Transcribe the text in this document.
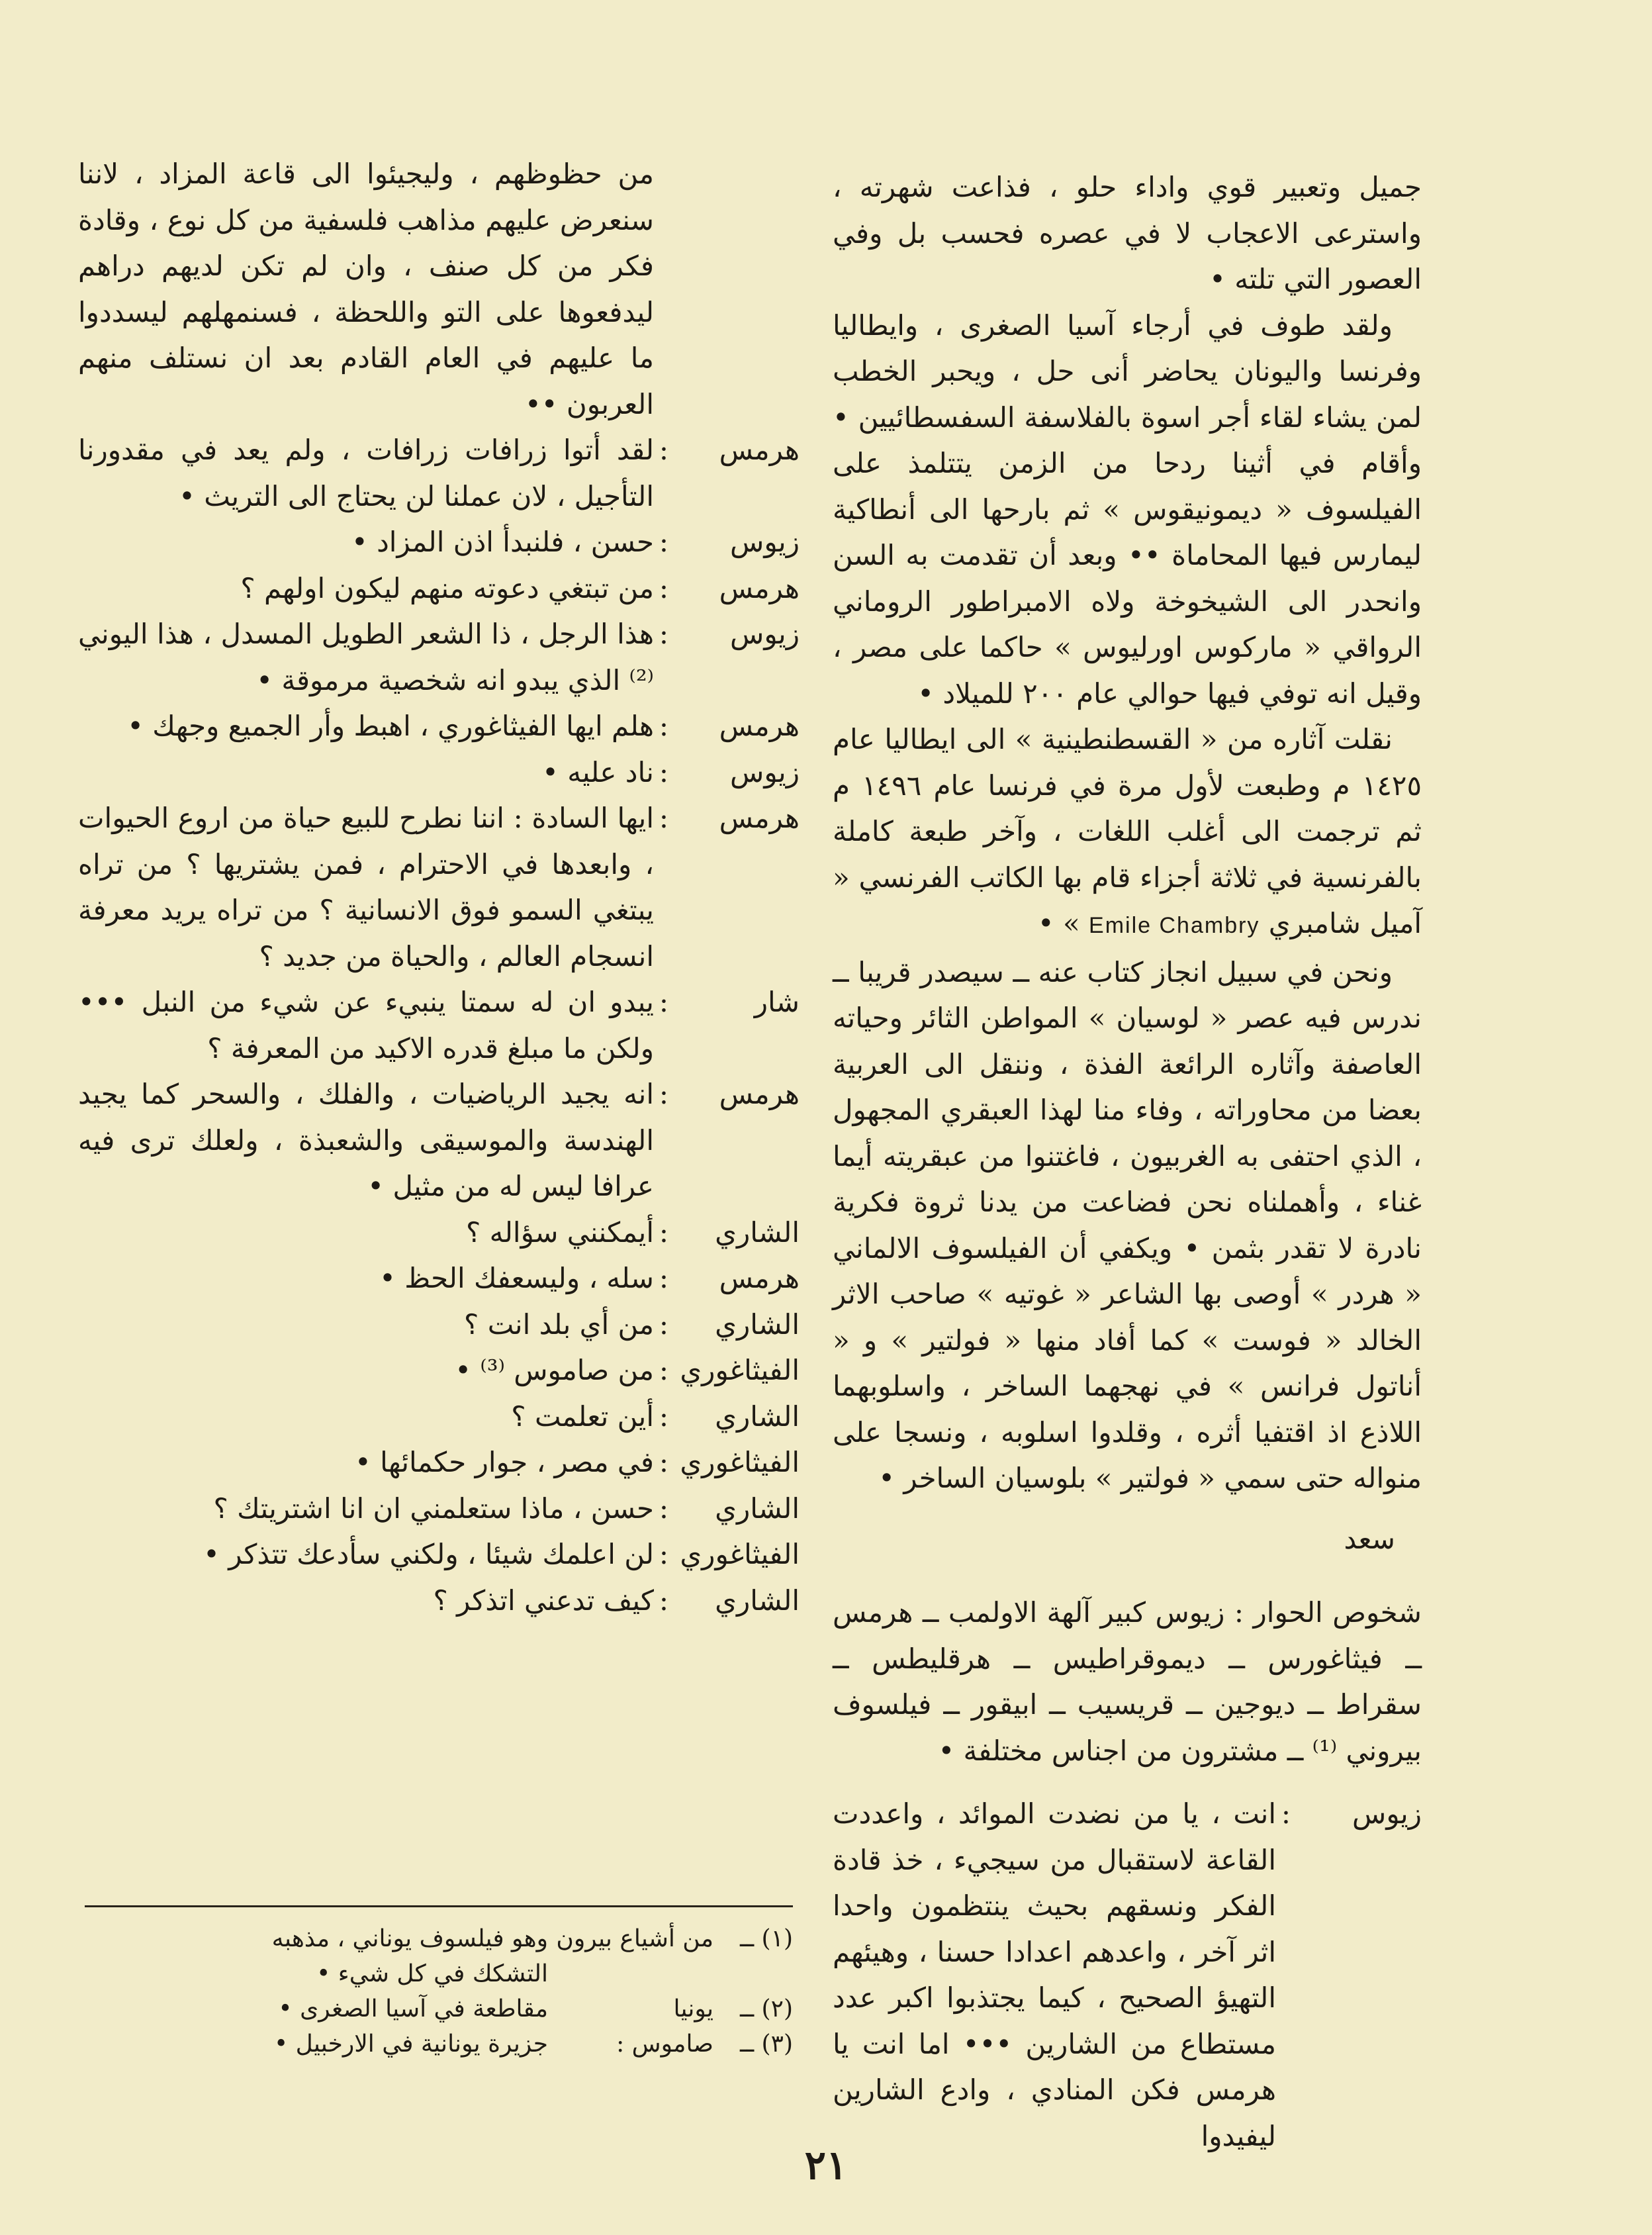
جميل وتعبير قوي واداء حلو ، فذاعت شهرته ، واسترعى الاعجاب لا في عصره فحسب بل وفي العصور التي تلته •

ولقد طوف في أرجاء آسيا الصغرى ، وايطاليا وفرنسا واليونان يحاضر أنى حل ، ويحبر الخطب لمن يشاء لقاء أجر اسوة بالفلاسفة السفسطائيين • وأقام في أثينا ردحا من الزمن يتتلمذ على الفيلسوف « ديمونيقوس » ثم بارحها الى أنطاكية ليمارس فيها المحاماة •• وبعد أن تقدمت به السن وانحدر الى الشيخوخة ولاه الامبراطور الروماني الرواقي « ماركوس اورليوس » حاكما على مصر ، وقيل انه توفي فيها حوالي عام ٢٠٠ للميلاد •

نقلت آثاره من « القسطنطينية » الى ايطاليا عام ١٤٢٥ م وطبعت لأول مرة في فرنسا عام ١٤٩٦ م ثم ترجمت الى أغلب اللغات ، وآخر طبعة كاملة بالفرنسية في ثلاثة أجزاء قام بها الكاتب الفرنسي « آميل شامبري Emile Chambry » •

ونحن في سبيل انجاز كتاب عنه ــ سيصدر قريبا ــ ندرس فيه عصر « لوسيان » المواطن الثائر وحياته العاصفة وآثاره الرائعة الفذة ، وننقل الى العربية بعضا من محاوراته ، وفاء منا لهذا العبقري المجهول ، الذي احتفى به الغربيون ، فاغتنوا من عبقريته أيما غناء ، وأهملناه نحن فضاعت من يدنا ثروة فكرية نادرة لا تقدر بثمن • ويكفي أن الفيلسوف الالماني « هردر » أوصى بها الشاعر « غوتيه » صاحب الاثر الخالد « فوست » كما أفاد منها « فولتير » و « أناتول فرانس » في نهجهما الساخر ، واسلوبهما اللاذع اذ اقتفيا أثره ، وقلدوا اسلوبه ، ونسجا على منواله حتى سمي « فولتير » بلوسيان الساخر •

سعد

شخوص الحوار : زيوس كبير آلهة الاولمب ــ هرمس ــ فيثاغورس ــ ديموقراطيس ــ هرقليطس ــ سقراط ــ ديوجين ــ قريسيب ــ ابيقور ــ فيلسوف بيروني ⁽¹⁾ ــ مشترون من اجناس مختلفة •

زيوس
:
انت ، يا من نضدت الموائد ، واعددت القاعة لاستقبال من سيجيء ، خذ قادة الفكر ونسقهم بحيث ينتظمون واحدا اثر آخر ، واعدهم اعدادا حسنا ، وهيئهم التهيؤ الصحيح ، كيما يجتذبوا اكبر عدد مستطاع من الشارين ••• اما انت يا هرمس فكن المنادي ، وادع الشارين ليفيدوا
من حظوظهم ، وليجيئوا الى قاعة المزاد ، لاننا سنعرض عليهم مذاهب فلسفية من كل نوع ، وقادة فكر من كل صنف ، وان لم تكن لديهم دراهم ليدفعوها على التو واللحظة ، فسنمهلهم ليسددوا ما عليهم في العام القادم بعد ان نستلف منهم العربون ••
هرمس
:
لقد أتوا زرافات زرافات ، ولم يعد في مقدورنا التأجيل ، لان عملنا لن يحتاج الى التريث •
زيوس
:
حسن ، فلنبدأ اذن المزاد •
هرمس
:
من تبتغي دعوته منهم ليكون اولهم ؟
زيوس
:
هذا الرجل ، ذا الشعر الطويل المسدل ، هذا اليوني ⁽²⁾ الذي يبدو انه شخصية مرموقة •
هرمس
:
هلم ايها الفيثاغوري ، اهبط وأر الجميع وجهك •
زيوس
:
ناد عليه •
هرمس
:
ايها السادة : اننا نطرح للبيع حياة من اروع الحيوات ، وابعدها في الاحترام ، فمن يشتريها ؟ من تراه يبتغي السمو فوق الانسانية ؟ من تراه يريد معرفة انسجام العالم ، والحياة من جديد ؟
شار
:
يبدو ان له سمتا ينبيء عن شيء من النبل ••• ولكن ما مبلغ قدره الاكيد من المعرفة ؟
هرمس
:
انه يجيد الرياضيات ، والفلك ، والسحر كما يجيد الهندسة والموسيقى والشعبذة ، ولعلك ترى فيه عرافا ليس له من مثيل •
الشاري
:
أيمكنني سؤاله ؟
هرمس
:
سله ، وليسعفك الحظ •
الشاري
:
من أي بلد انت ؟
الفيثاغوري
:
من صاموس ⁽³⁾ •
الشاري
:
أين تعلمت ؟
الفيثاغوري
:
في مصر ، جوار حكمائها •
الشاري
:
حسن ، ماذا ستعلمني ان انا اشتريتك ؟
الفيثاغوري
:
لن اعلمك شيئا ، ولكني سأدعك تتذكر •
الشاري
:
كيف تدعني اتذكر ؟
(١) ــ
من أشياع بيرون
وهو فيلسوف يوناني ، مذهبه
التشكك في كل شيء •
(٢) ــ
يونيا
مقاطعة في آسيا الصغرى •
(٣) ــ
صاموس :
جزيرة يونانية في الارخبيل •
٢١
